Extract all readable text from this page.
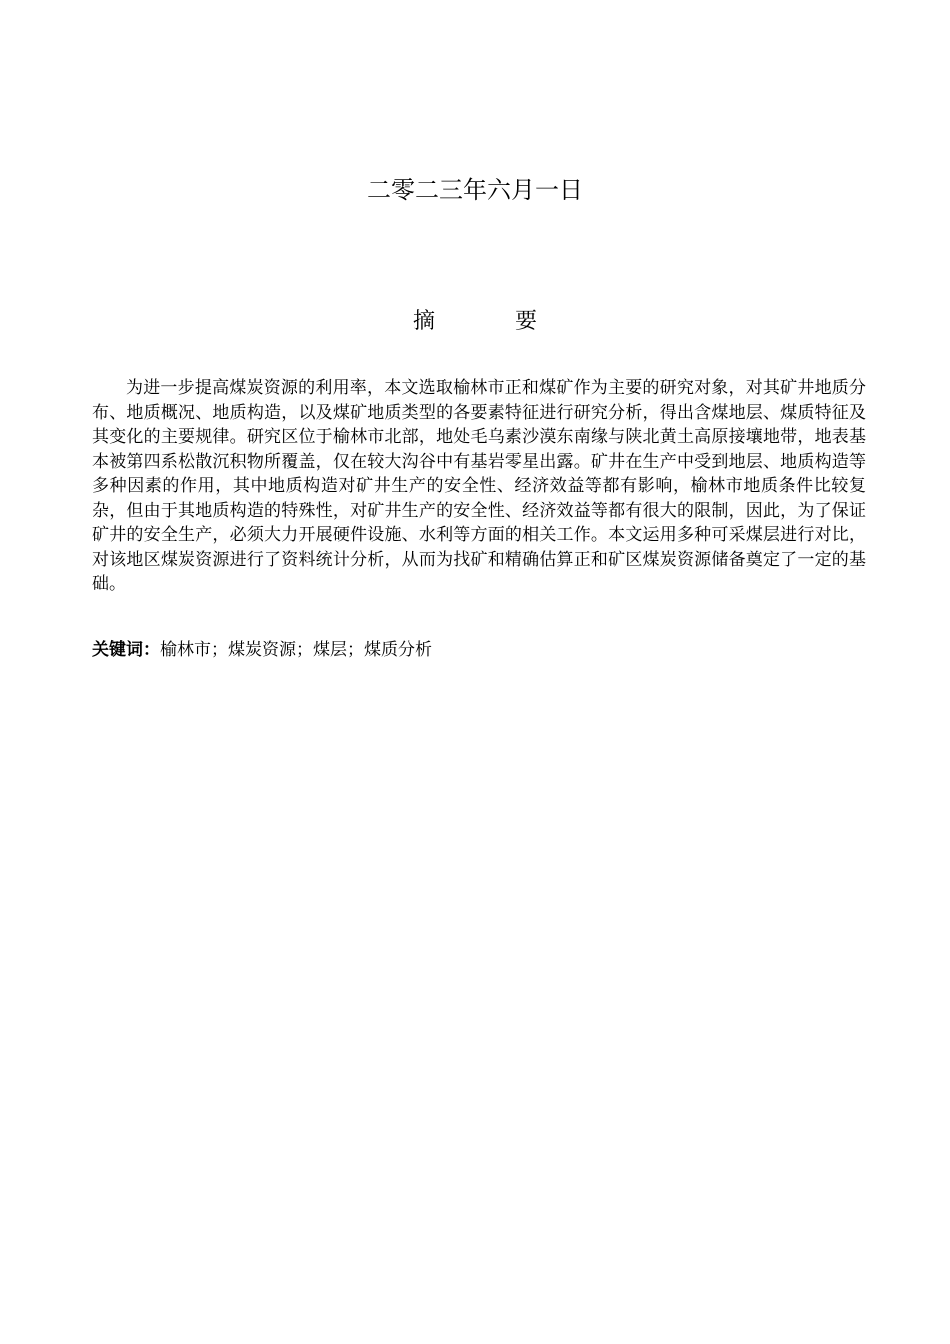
二零二三年六月一日
摘	要

为进一步提高煤炭资源的利用率，本文选取榆林市正和煤矿作为主要的研究对象，对其矿井地质分布、地质概况、地质构造，以及煤矿地质类型的各要素特征进行研究分析，得出含煤地层、煤质特征及其变化的主要规律。研究区位于榆林市北部，地处毛乌素沙漠东南缘与陕北黄土高原接壤地带，地表基本被第四系松散沉积物所覆盖，仅在较大沟谷中有基岩零星出露。矿井在生产中受到地层、地质构造等多种因素的作用，其中地质构造对矿井生产的安全性、经济效益等都有影响，榆林市地质条件比较复杂，但由于其地质构造的特殊性，对矿井生产的安全性、经济效益等都有很大的限制，因此，为了保证矿井的安全生产，必须大力开展硬件设施、水利等方面的相关工作。本文运用多种可采煤层进行对比，对该地区煤炭资源进行了资料统计分析，从而为找矿和精确估算正和矿区煤炭资源储备奠定了一定的基础。

关键词：榆林市；煤炭资源；煤层；煤质分析
